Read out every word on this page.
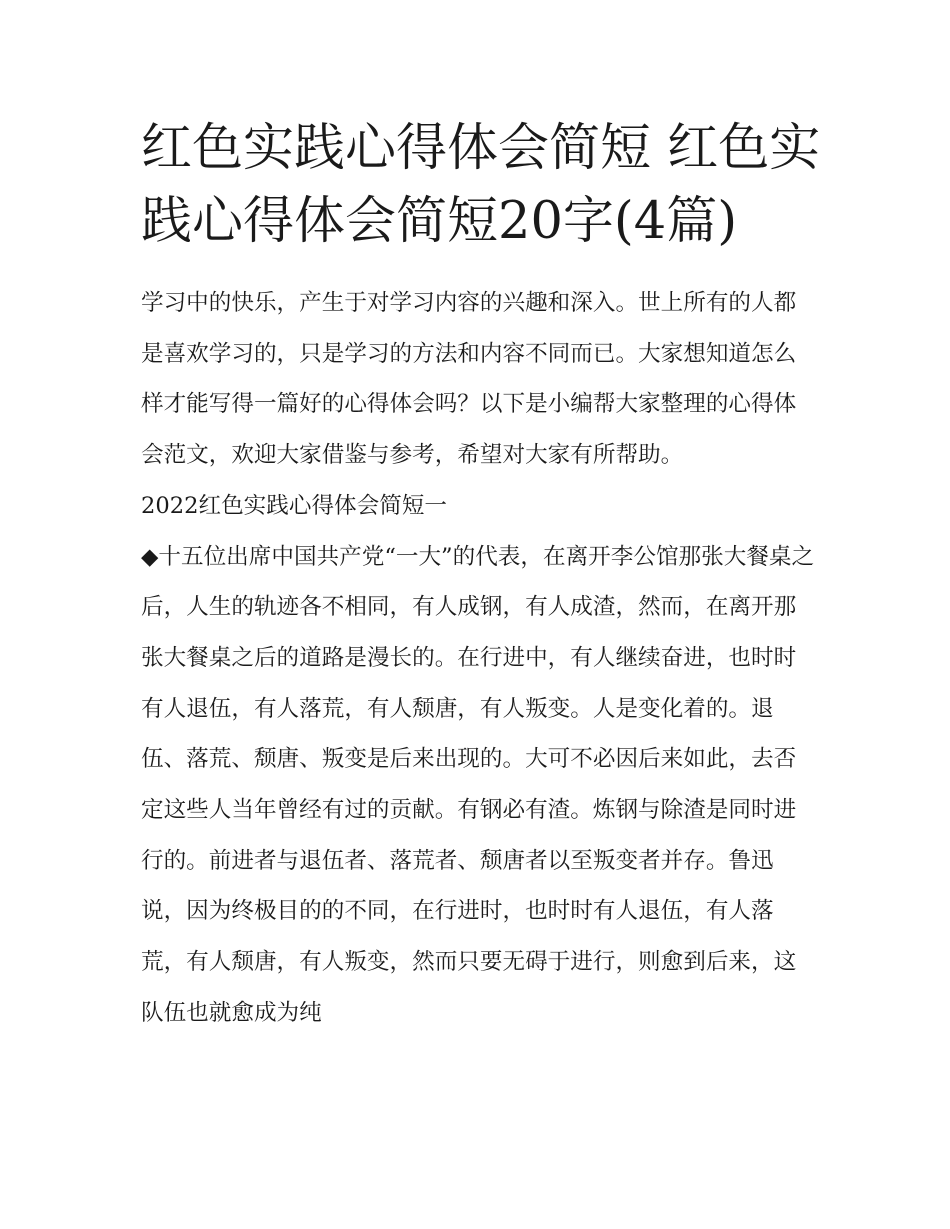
红色实践心得体会简短 红色实践心得体会简短20字(4篇)

学习中的快乐，产生于对学习内容的兴趣和深入。世上所有的人都是喜欢学习的，只是学习的方法和内容不同而已。大家想知道怎么样才能写得一篇好的心得体会吗？以下是小编帮大家整理的心得体会范文，欢迎大家借鉴与参考，希望对大家有所帮助。

2022红色实践心得体会简短一

◆十五位出席中国共产党“一大”的代表，在离开李公馆那张大餐桌之后，人生的轨迹各不相同，有人成钢，有人成渣，然而，在离开那张大餐桌之后的道路是漫长的。在行进中，有人继续奋进，也时时有人退伍，有人落荒，有人颓唐，有人叛变。人是变化着的。退伍、落荒、颓唐、叛变是后来出现的。大可不必因后来如此，去否定这些人当年曾经有过的贡献。有钢必有渣。炼钢与除渣是同时进行的。前进者与退伍者、落荒者、颓唐者以至叛变者并存。鲁迅说，因为终极目的的不同，在行进时，也时时有人退伍，有人落荒，有人颓唐，有人叛变，然而只要无碍于进行，则愈到后来，这队伍也就愈成为纯
